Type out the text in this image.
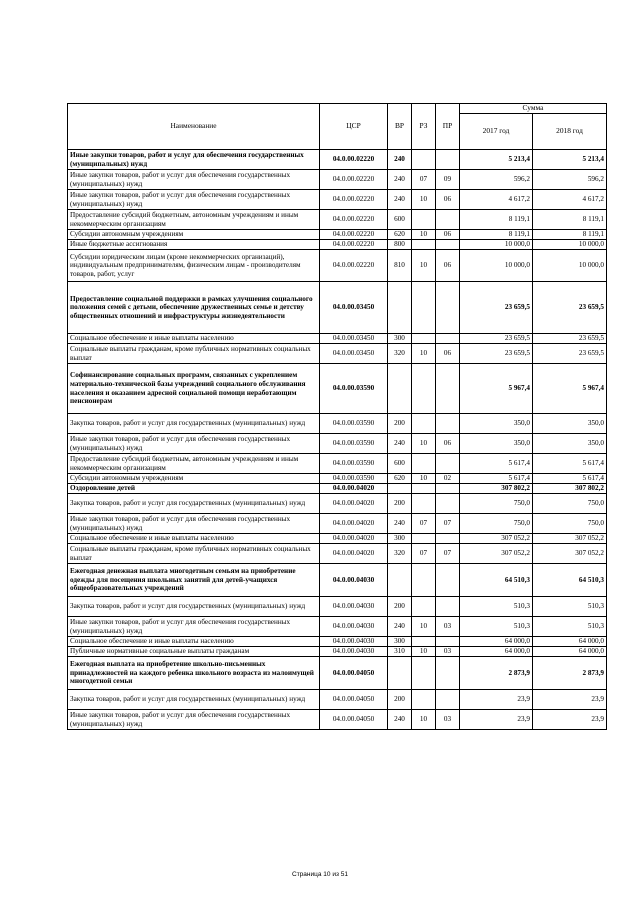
Наименование	ЦСР	ВР	РЗ	ПР	Сумма	
					2017 год	2018 год
Иные закупки товаров, работ и услуг для обеспечения государственных (муниципальных) нужд	04.0.00.02220	240			5 213,4	5 213,4
Иные закупки товаров, работ и услуг для обеспечения государственных (муниципальных) нужд	04.0.00.02220	240	07	09	596,2	596,2
Иные закупки товаров, работ и услуг для обеспечения государственных (муниципальных) нужд	04.0.00.02220	240	10	06	4 617,2	4 617,2
Предоставление субсидий бюджетным, автономным учреждениям и иным некоммерческим организациям	04.0.00.02220	600			8 119,1	8 119,1
Субсидии автономным учреждениям	04.0.00.02220	620	10	06	8 119,1	8 119,1
Иные бюджетные ассигнования	04.0.00.02220	800			10 000,0	10 000,0
Субсидии юридическим лицам (кроме некоммерческих организаций), индивидуальным предпринимателям, физическим лицам - производителям товаров, работ, услуг	04.0.00.02220	810	10	06	10 000,0	10 000,0
Предоставление социальной поддержки в рамках улучшения социального положения семей с детьми, обеспечение дружественных семье и детству общественных отношений и инфраструктуры жизнедеятельности	04.0.00.03450				23 659,5	23 659,5
Социальное обеспечение и иные выплаты населению	04.0.00.03450	300			23 659,5	23 659,5
Социальные выплаты гражданам, кроме публичных нормативных социальных выплат	04.0.00.03450	320	10	06	23 659,5	23 659,5
Софинансирование социальных программ, связанных с укреплением материально-технической базы учреждений социального обслуживания населения и оказанием адресной социальной помощи неработающим пенсионерам	04.0.00.03590				5 967,4	5 967,4
Закупка товаров, работ и услуг для государственных (муниципальных) нужд	04.0.00.03590	200			350,0	350,0
Иные закупки товаров, работ и услуг для обеспечения государственных (муниципальных) нужд	04.0.00.03590	240	10	06	350,0	350,0
Предоставление субсидий бюджетным, автономным учреждениям и иным некоммерческим организациям	04.0.00.03590	600			5 617,4	5 617,4
Субсидии автономным учреждениям	04.0.00.03590	620	10	02	5 617,4	5 617,4
Оздоровление детей	04.0.00.04020				307 802,2	307 802,2
Закупка товаров, работ и услуг для государственных (муниципальных) нужд	04.0.00.04020	200			750,0	750,0
Иные закупки товаров, работ и услуг для обеспечения государственных (муниципальных) нужд	04.0.00.04020	240	07	07	750,0	750,0
Социальное обеспечение и иные выплаты населению	04.0.00.04020	300			307 052,2	307 052,2
Социальные выплаты гражданам, кроме публичных нормативных социальных выплат	04.0.00.04020	320	07	07	307 052,2	307 052,2
Ежегодная денежная выплата многодетным семьям на приобретение одежды для посещения школьных занятий для детей-учащихся общеобразовательных учреждений	04.0.00.04030				64 510,3	64 510,3
Закупка товаров, работ и услуг для государственных (муниципальных) нужд	04.0.00.04030	200			510,3	510,3
Иные закупки товаров, работ и услуг для обеспечения государственных (муниципальных) нужд	04.0.00.04030	240	10	03	510,3	510,3
Социальное обеспечение и иные выплаты населению	04.0.00.04030	300			64 000,0	64 000,0
Публичные нормативные социальные выплаты гражданам	04.0.00.04030	310	10	03	64 000,0	64 000,0
Ежегодная выплата на приобретение школьно-письменных принадлежностей на каждого ребенка школьного возраста из малоимущей многодетной семьи	04.0.00.04050				2 873,9	2 873,9
Закупка товаров, работ и услуг для государственных (муниципальных) нужд	04.0.00.04050	200			23,9	23,9
Иные закупки товаров, работ и услуг для обеспечения государственных (муниципальных) нужд	04.0.00.04050	240	10	03	23,9	23,9
Страница 10 из 51
